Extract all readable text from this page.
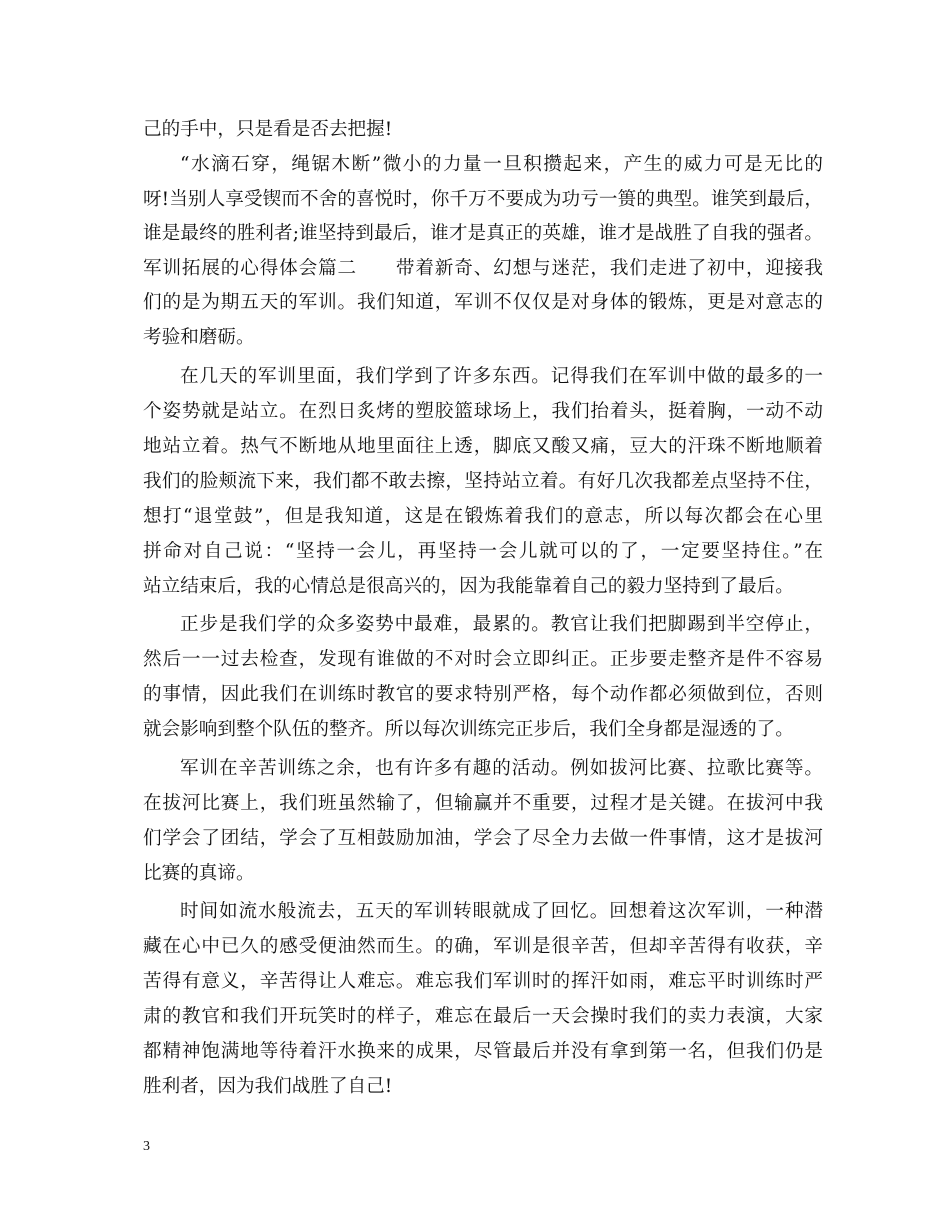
己的手中，只是看是否去把握!
“水滴石穿，绳锯木断”微小的力量一旦积攒起来，产生的威力可是无比的
呀!当别人享受锲而不舍的喜悦时，你千万不要成为功亏一篑的典型。谁笑到最后，
谁是最终的胜利者;谁坚持到最后，谁才是真正的英雄，谁才是战胜了自我的强者。
军训拓展的心得体会篇二　　带着新奇、幻想与迷茫，我们走进了初中，迎接我
们的是为期五天的军训。我们知道，军训不仅仅是对身体的锻炼，更是对意志的
考验和磨砺。
在几天的军训里面，我们学到了许多东西。记得我们在军训中做的最多的一
个姿势就是站立。在烈日炙烤的塑胶篮球场上，我们抬着头，挺着胸，一动不动
地站立着。热气不断地从地里面往上透，脚底又酸又痛，豆大的汗珠不断地顺着
我们的脸颊流下来，我们都不敢去擦，坚持站立着。有好几次我都差点坚持不住，
想打“退堂鼓”，但是我知道，这是在锻炼着我们的意志，所以每次都会在心里
拼命对自己说：“坚持一会儿，再坚持一会儿就可以的了，一定要坚持住。”在
站立结束后，我的心情总是很高兴的，因为我能靠着自己的毅力坚持到了最后。
正步是我们学的众多姿势中最难，最累的。教官让我们把脚踢到半空停止，
然后一一过去检查，发现有谁做的不对时会立即纠正。正步要走整齐是件不容易
的事情，因此我们在训练时教官的要求特别严格，每个动作都必须做到位，否则
就会影响到整个队伍的整齐。所以每次训练完正步后，我们全身都是湿透的了。
军训在辛苦训练之余，也有许多有趣的活动。例如拔河比赛、拉歌比赛等。
在拔河比赛上，我们班虽然输了，但输赢并不重要，过程才是关键。在拔河中我
们学会了团结，学会了互相鼓励加油，学会了尽全力去做一件事情，这才是拔河
比赛的真谛。
时间如流水般流去，五天的军训转眼就成了回忆。回想着这次军训，一种潜
藏在心中已久的感受便油然而生。的确，军训是很辛苦，但却辛苦得有收获，辛
苦得有意义，辛苦得让人难忘。难忘我们军训时的挥汗如雨，难忘平时训练时严
肃的教官和我们开玩笑时的样子，难忘在最后一天会操时我们的卖力表演，大家
都精神饱满地等待着汗水换来的成果，尽管最后并没有拿到第一名，但我们仍是
胜利者，因为我们战胜了自己!
3
